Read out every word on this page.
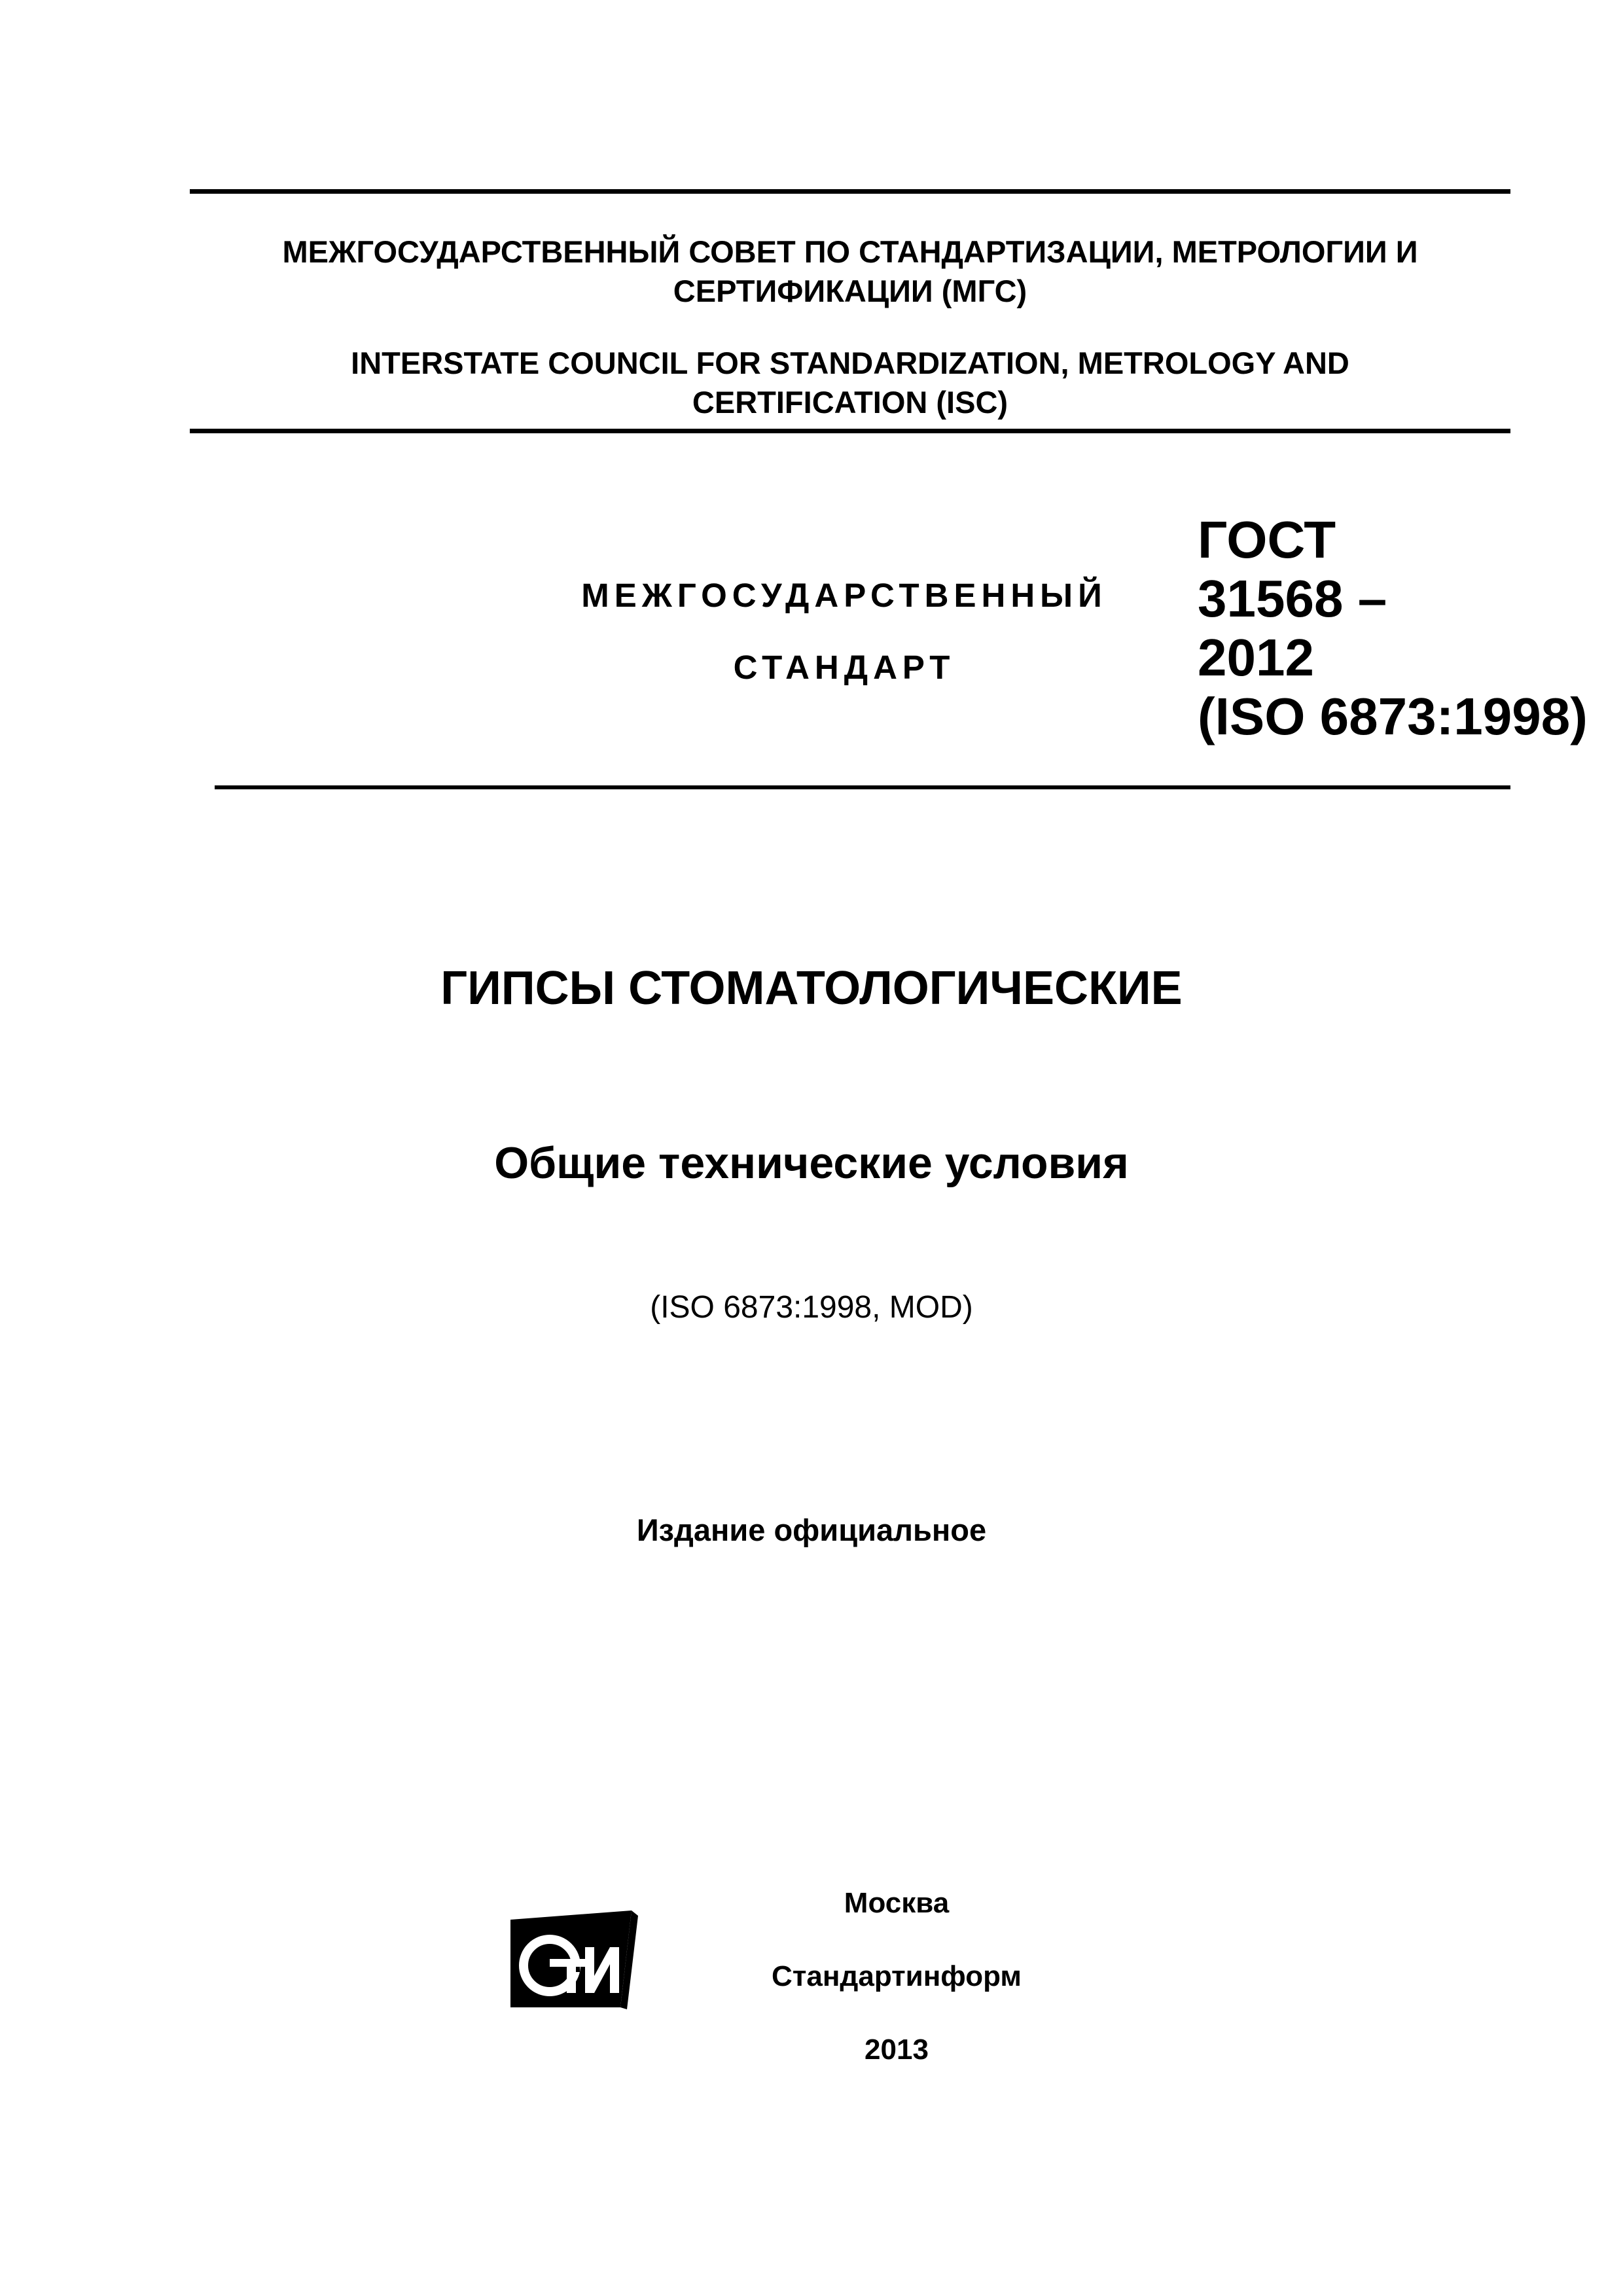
МЕЖГОСУДАРСТВЕННЫЙ СОВЕТ ПО СТАНДАРТИЗАЦИИ, МЕТРОЛОГИИ И
СЕРТИФИКАЦИИ (МГС)
INTERSTATE COUNCIL FOR STANDARDIZATION, METROLOGY AND
CERTIFICATION (ISC)
МЕЖГОСУДАРСТВЕННЫЙ
СТАНДАРТ
ГОСТ
31568 –
2012
(ISO 6873:1998)
ГИПСЫ СТОМАТОЛОГИЧЕСКИЕ
Общие технические условия
(ISO 6873:1998, MOD)
Издание официальное
Москва
Стандартинформ
2013
